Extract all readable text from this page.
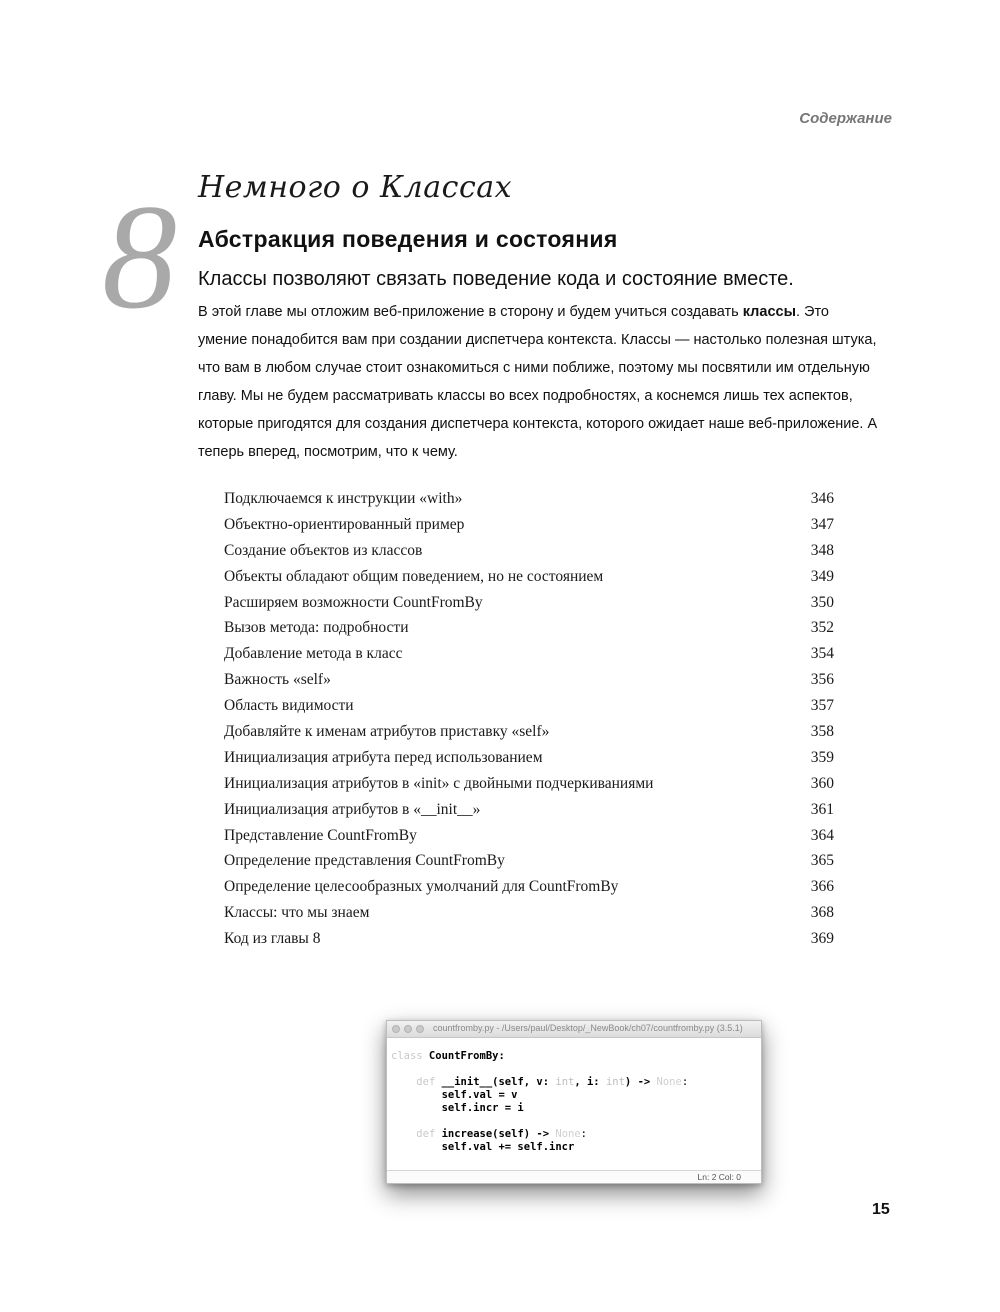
Содержание
8 Немного о Классах
Абстракция поведения и состояния
Классы позволяют связать поведение кода и состояние вместе.
В этой главе мы отложим веб-приложение в сторону и будем учиться создавать классы. Это умение понадобится вам при создании диспетчера контекста. Классы — настолько полезная штука, что вам в любом случае стоит ознакомиться с ними поближе, поэтому мы посвятили им отдельную главу. Мы не будем рассматривать классы во всех подробностях, а коснемся лишь тех аспектов, которые пригодятся для создания диспетчера контекста, которого ожидает наше веб-приложение. А теперь вперед, посмотрим, что к чему.
Подключаемся к инструкции «with»	346
Объектно-ориентированный пример	347
Создание объектов из классов	348
Объекты обладают общим поведением, но не состоянием	349
Расширяем возможности CountFromBy	350
Вызов метода: подробности	352
Добавление метода в класс	354
Важность «self»	356
Область видимости	357
Добавляйте к именам атрибутов приставку «self»	358
Инициализация атрибута перед использованием	359
Инициализация атрибутов в «init» с двойными подчеркиваниями	360
Инициализация атрибутов в «__init__»	361
Представление CountFromBy	364
Определение представления CountFromBy	365
Определение целесообразных умолчаний для CountFromBy	366
Классы: что мы знаем	368
Код из главы 8	369
countfromby.py - /Users/paul/Desktop/_NewBook/ch07/countfromby.py (3.5.1)
class CountFromBy:

def __init__(self, v: int, i: int) -> None:
self.val = v
self.incr = i

def increase(self) -> None:
self.val += self.incr
Ln: 2 Col: 0
15
